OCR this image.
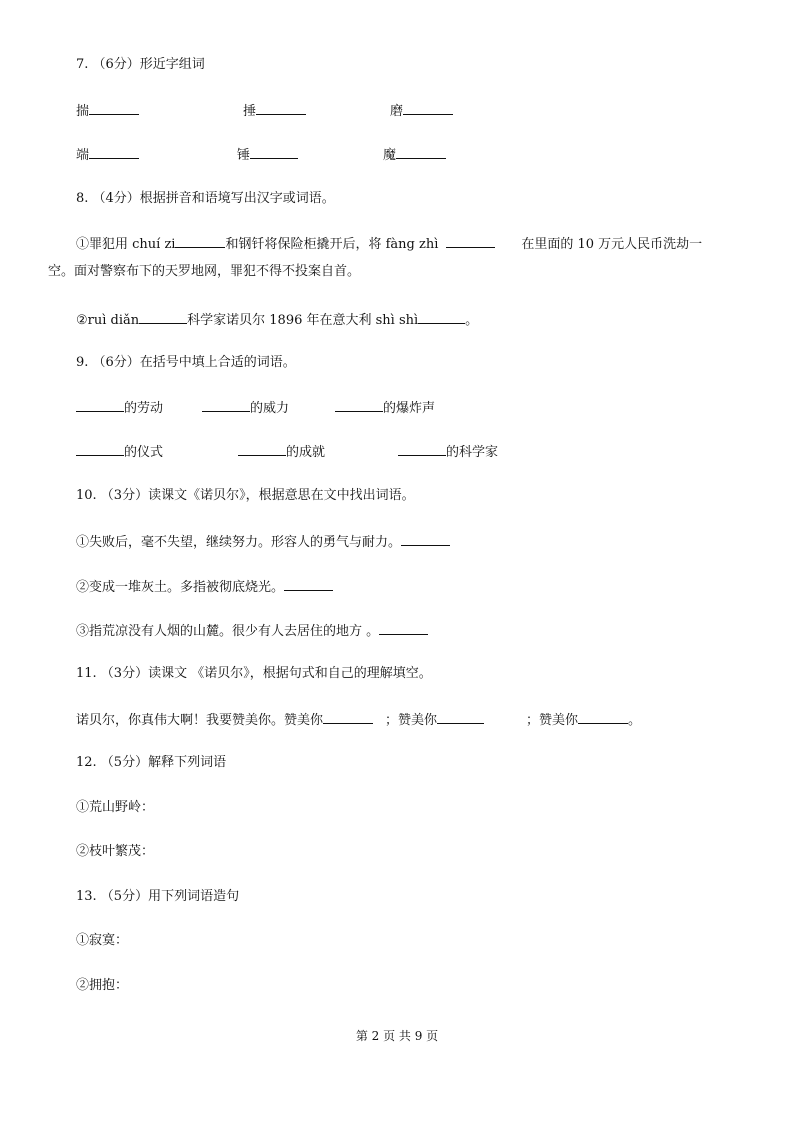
7. （6分）形近字组词
揣	捶	磨
端	锤	魔
8. （4分）根据拼音和语境写出汉字或词语。
①罪犯用 chuí zi	和钢钎将保险柜撬开后，将 fàng zhì	在里面的 10 万元人民币洗劫一
空。面对警察布下的天罗地网，罪犯不得不投案自首。
②ruì diǎn	科学家诺贝尔 1896 年在意大利 shì shì	。
9. （6分）在括号中填上合适的词语。
的劳动	的威力	的爆炸声
的仪式	的成就	的科学家
10. （3分）读课文《诺贝尔》，根据意思在文中找出词语。
①失败后，毫不失望，继续努力。形容人的勇气与耐力。
②变成一堆灰土。多指被彻底烧光。
③指荒凉没有人烟的山麓。很少有人去居住的地方 。
11. （3分）读课文 《诺贝尔》，根据句式和自己的理解填空。
诺贝尔，你真伟大啊！我要赞美你。赞美你	；赞美你	；赞美你	。
12. （5分）解释下列词语
①荒山野岭：
②枝叶繁茂：
13. （5分）用下列词语造句
①寂寞：
②拥抱：
第 2 页 共 9 页
